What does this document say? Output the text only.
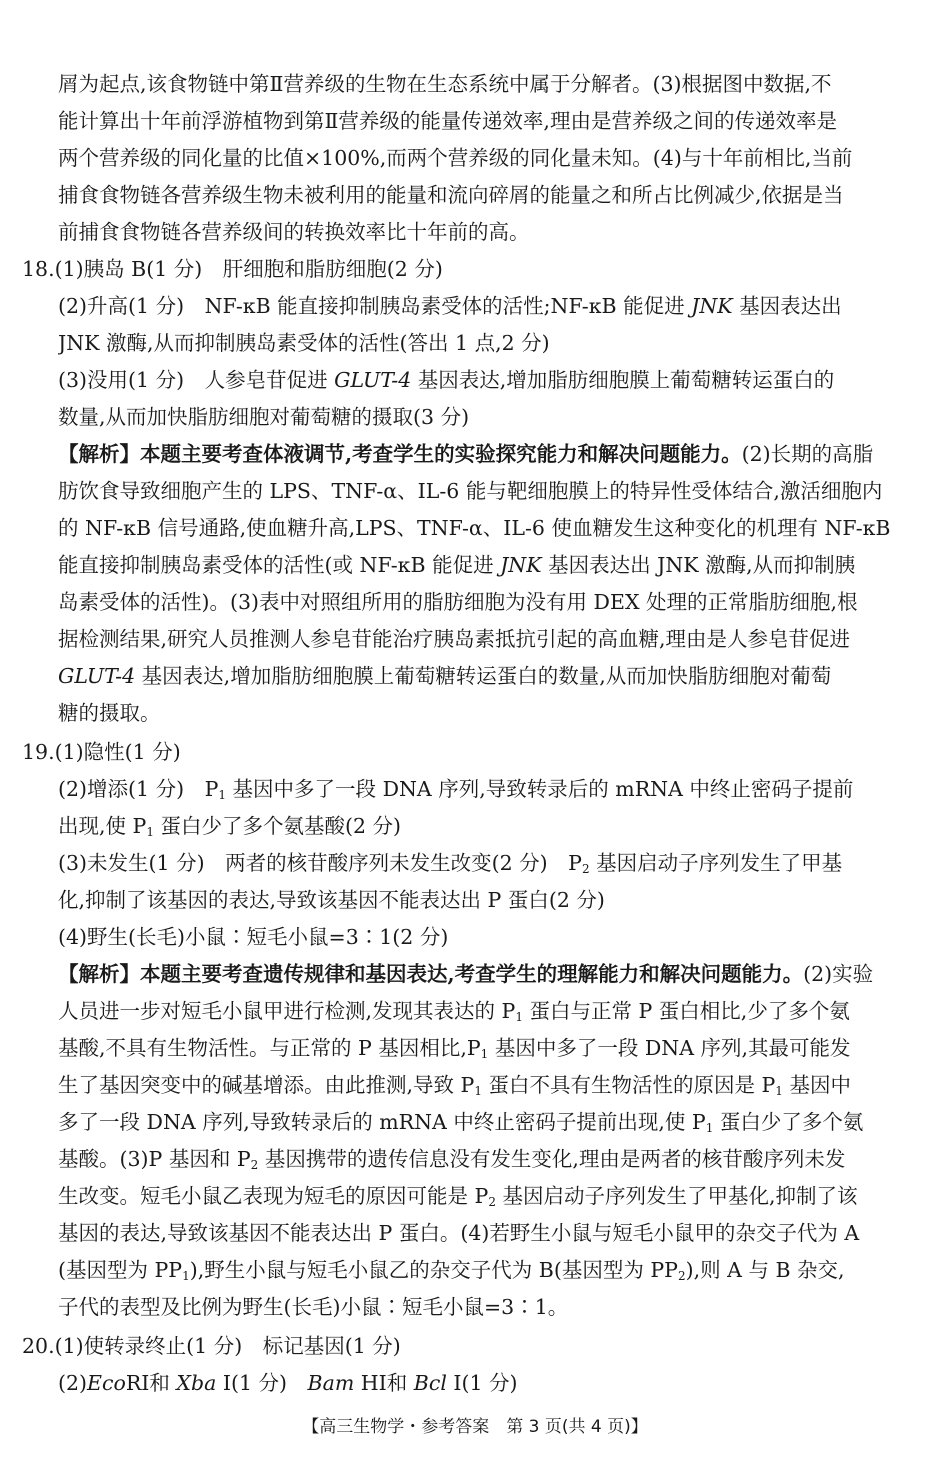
屑为起点,该食物链中第Ⅱ营养级的生物在生态系统中属于分解者。(3)根据图中数据,不
能计算出十年前浮游植物到第Ⅱ营养级的能量传递效率,理由是营养级之间的传递效率是
两个营养级的同化量的比值×100%,而两个营养级的同化量未知。(4)与十年前相比,当前
捕食食物链各营养级生物未被利用的能量和流向碎屑的能量之和所占比例减少,依据是当
前捕食食物链各营养级间的转换效率比十年前的高。
18.(1)胰岛 B(1 分)　肝细胞和脂肪细胞(2 分)
(2)升高(1 分)　NF-κB 能直接抑制胰岛素受体的活性;NF-κB 能促进 JNK 基因表达出
JNK 激酶,从而抑制胰岛素受体的活性(答出 1 点,2 分)
(3)没用(1 分)　人参皂苷促进 GLUT-4 基因表达,增加脂肪细胞膜上葡萄糖转运蛋白的
数量,从而加快脂肪细胞对葡萄糖的摄取(3 分)
【解析】本题主要考查体液调节,考查学生的实验探究能力和解决问题能力。(2)长期的高脂
肪饮食导致细胞产生的 LPS、TNF-α、IL-6 能与靶细胞膜上的特异性受体结合,激活细胞内
的 NF-κB 信号通路,使血糖升高,LPS、TNF-α、IL-6 使血糖发生这种变化的机理有 NF-κB
能直接抑制胰岛素受体的活性(或 NF-κB 能促进 JNK 基因表达出 JNK 激酶,从而抑制胰
岛素受体的活性)。(3)表中对照组所用的脂肪细胞为没有用 DEX 处理的正常脂肪细胞,根
据检测结果,研究人员推测人参皂苷能治疗胰岛素抵抗引起的高血糖,理由是人参皂苷促进
GLUT-4 基因表达,增加脂肪细胞膜上葡萄糖转运蛋白的数量,从而加快脂肪细胞对葡萄
糖的摄取。
19.(1)隐性(1 分)
(2)增添(1 分)　$P_1$ 基因中多了一段 DNA 序列,导致转录后的 mRNA 中终止密码子提前
出现,使 $P_1$ 蛋白少了多个氨基酸(2 分)
(3)未发生(1 分)　两者的核苷酸序列未发生改变(2 分)　$P_2$ 基因启动子序列发生了甲基
化,抑制了该基因的表达,导致该基因不能表达出 P 蛋白(2 分)
(4)野生(长毛)小鼠∶短毛小鼠=3∶1(2 分)
【解析】本题主要考查遗传规律和基因表达,考查学生的理解能力和解决问题能力。(2)实验
人员进一步对短毛小鼠甲进行检测,发现其表达的 $P_1$ 蛋白与正常 P 蛋白相比,少了多个氨
基酸,不具有生物活性。与正常的 P 基因相比$,P_1$ 基因中多了一段 DNA 序列,其最可能发
生了基因突变中的碱基增添。由此推测,导致 $P_1$ 蛋白不具有生物活性的原因是 $P_1$ 基因中
多了一段 DNA 序列,导致转录后的 mRNA 中终止密码子提前出现,使 $P_1$ 蛋白少了多个氨
基酸。(3)P 基因和 $P_2$ 基因携带的遗传信息没有发生变化,理由是两者的核苷酸序列未发
生改变。短毛小鼠乙表现为短毛的原因可能是 $P_2$ 基因启动子序列发生了甲基化,抑制了该
基因的表达,导致该基因不能表达出 P 蛋白。(4)若野生小鼠与短毛小鼠甲的杂交子代为 A
(基因型为 $PP_1$),野生小鼠与短毛小鼠乙的杂交子代为 B(基因型为 $PP_2$),则 A 与 B 杂交,
子代的表型及比例为野生(长毛)小鼠∶短毛小鼠=3∶1。
20.(1)使转录终止(1 分)　标记基因(1 分)
(2)EcoRⅠ和 Xba Ⅰ(1 分)　Bam HⅠ和 Bcl Ⅰ(1 分)
【高三生物学・参考答案　第 3 页(共 4 页)】
